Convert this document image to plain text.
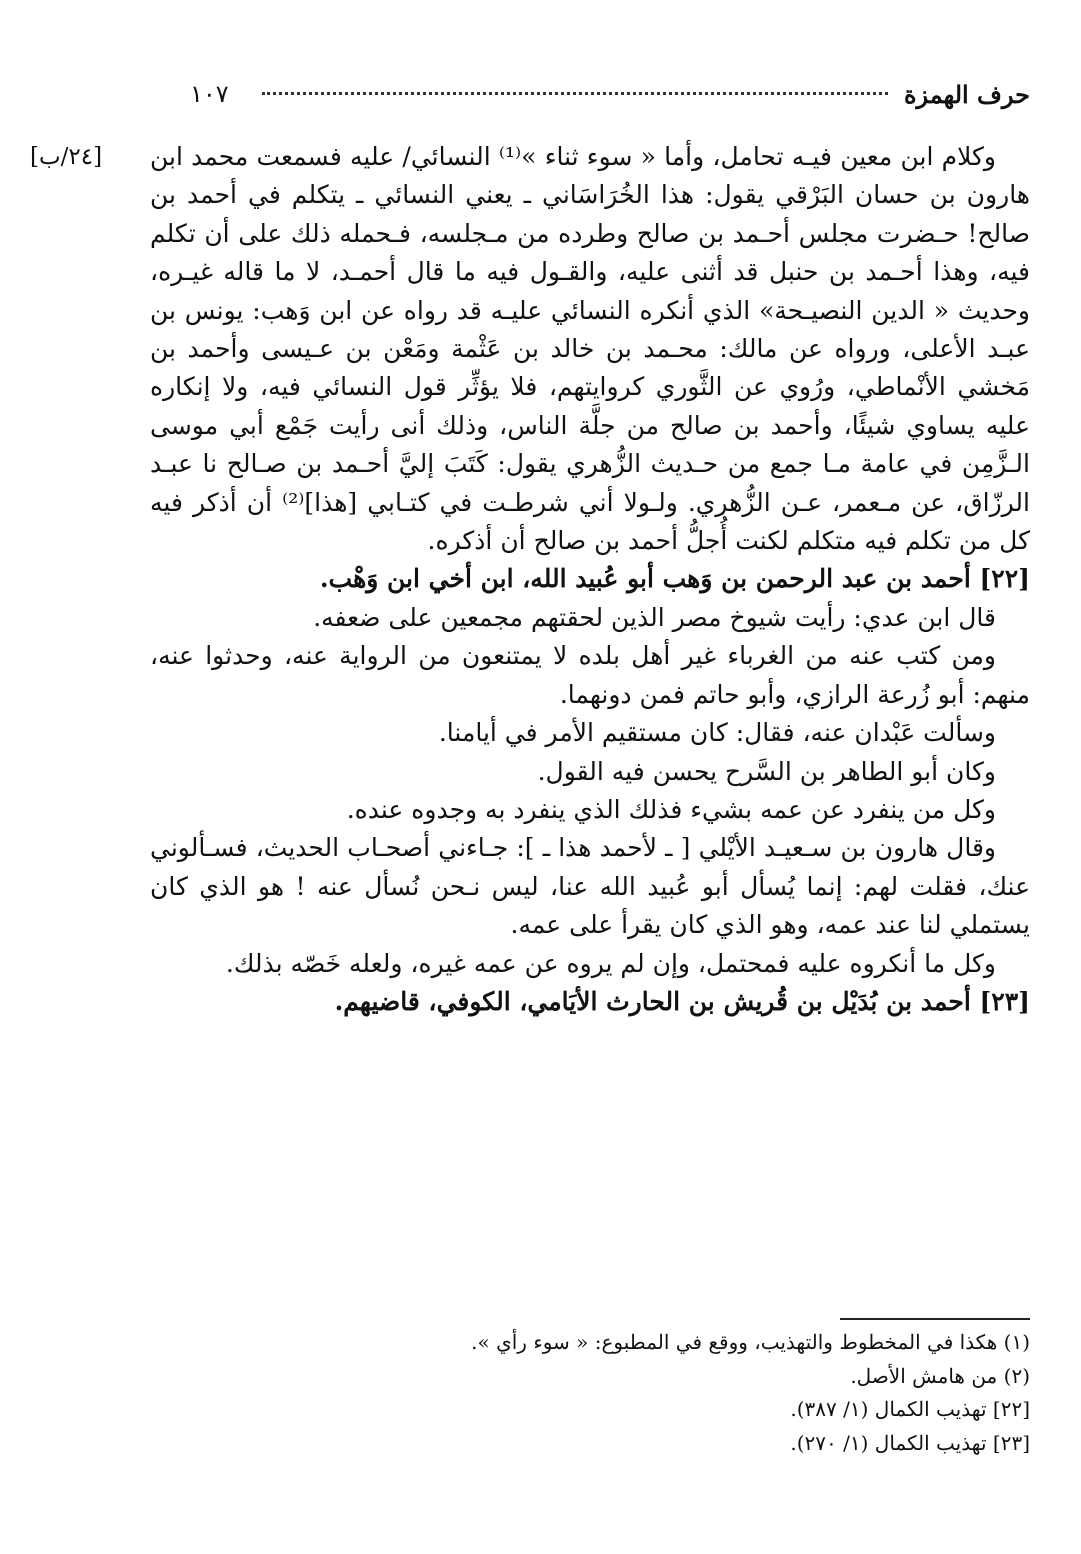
حرف الهمزة
١٠٧
[٢٤/ب] وكلام ابن معين فيـه تحامل، وأما « سوء ثناء »⁽¹⁾ النسائي/ عليه فسمعت محمد ابن هارون بن حسان البَرْقي يقول: هذا الخُرَاسَاني ـ يعني النسائي ـ يتكلم في أحمد بن صالح! حـضرت مجلس أحـمد بن صالح وطرده من مـجلسه، فـحمله ذلك على أن تكلم فيه، وهذا أحـمد بن حنبل قد أثنى عليه، والقـول فيه ما قال أحمـد، لا ما قاله غيـره، وحديث « الدين النصيـحة» الذي أنكره النسائي عليـه قد رواه عن ابن وَهب: يونس بن عبـد الأعلى، ورواه عن مالك: محـمد بن خالد بن عَثْمة ومَعْن بن عـيسى وأحمد بن مَخشي الأنْماطي، ورُوي عن الثَّوري كروايتهم، فلا يؤثِّر قول النسائي فيه، ولا إنكاره عليه يساوي شيئًا، وأحمد بن صالح من جلَّة الناس، وذلك أنى رأيت جَمْع أبي موسى الـزَّمِن في عامة مـا جمع من حـديث الزُّهري يقول: كَتَبَ إليَّ أحـمد بن صـالح نا عبـد الرزّاق، عن مـعمر، عـن الزُّهري. ولـولا أني شرطـت في كتـابي [هذا]⁽²⁾ أن أذكر فيه كل من تكلم فيه متكلم لكنت أُجلُّ أحمد بن صالح أن أذكره.

[٢٢] أحمد بن عبد الرحمن بن وَهب أبو عُبيد الله، ابن أخي ابن وَهْب.

قال ابن عدي: رأيت شيوخ مصر الذين لحقتهم مجمعين على ضعفه.

ومن كتب عنه من الغرباء غير أهل بلده لا يمتنعون من الرواية عنه، وحدثوا عنه، منهم: أبو زُرعة الرازي، وأبو حاتم فمن دونهما.

وسألت عَبْدان عنه، فقال: كان مستقيم الأمر في أيامنا.

وكان أبو الطاهر بن السَّرح يحسن فيه القول.

وكل من ينفرد عن عمه بشيء فذلك الذي ينفرد به وجدوه عنده.

وقال هارون بن سـعيـد الأيْلي [ ـ لأحمد هذا ـ ]: جـاءني أصحـاب الحديث، فسـألوني عنك، فقلت لهم: إنما يُسأل أبو عُبيد الله عنا، ليس نـحن نُسأل عنه ! هو الذي كان يستملي لنا عند عمه، وهو الذي كان يقرأ على عمه.

وكل ما أنكروه عليه فمحتمل، وإن لم يروه عن عمه غيره، ولعله خَصّه بذلك.

[٢٣] أحمد بن بُدَيْل بن قُريش بن الحارث الأيَامي، الكوفي، قاضيهم.

(١) هكذا في المخطوط والتهذيب، ووقع في المطبوع: « سوء رأي ».

(٢) من هامش الأصل.

[٢٢] تهذيب الكمال (١/ ٣٨٧).

[٢٣] تهذيب الكمال (١/ ٢٧٠).
